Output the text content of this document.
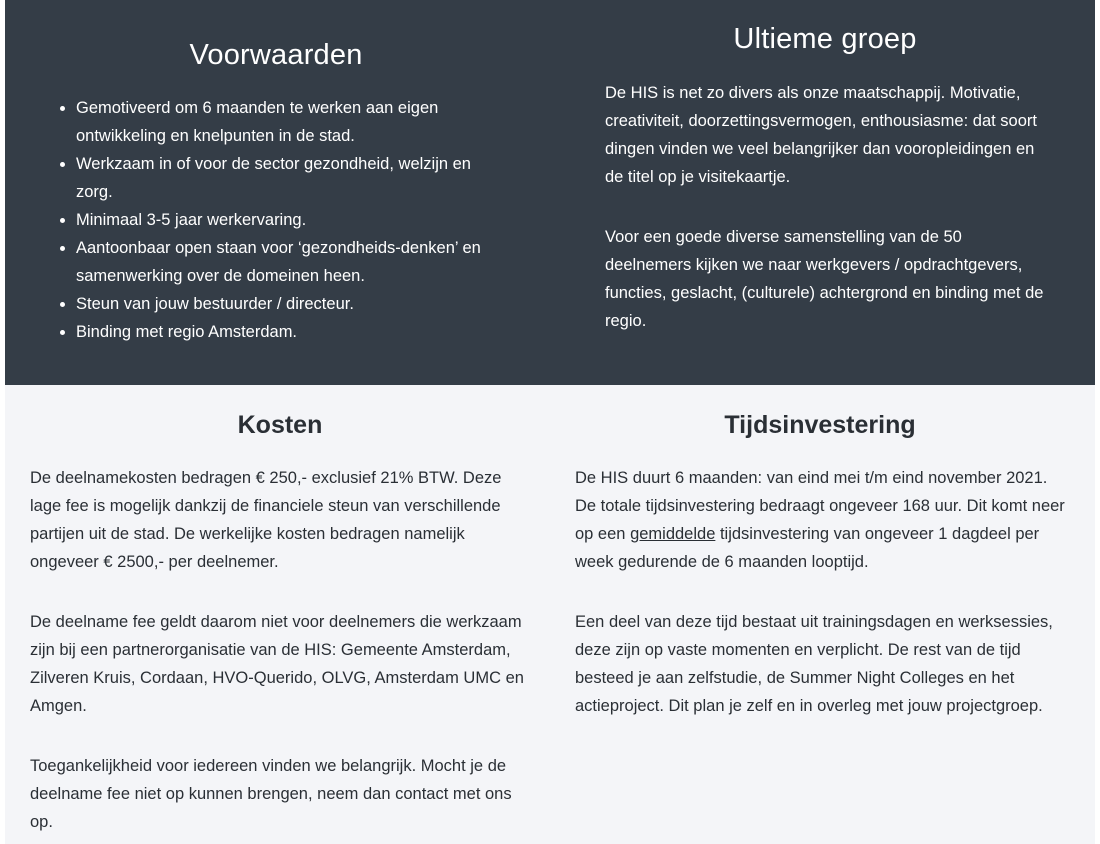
Voorwaarden
• Gemotiveerd om 6 maanden te werken aan eigen ontwikkeling en knelpunten in de stad.
• Werkzaam in of voor de sector gezondheid, welzijn en zorg.
• Minimaal 3-5 jaar werkervaring.
• Aantoonbaar open staan voor ‘gezondheids-denken’ en samenwerking over de domeinen heen.
• Steun van jouw bestuurder / directeur.
• Binding met regio Amsterdam.
Ultieme groep

De HIS is net zo divers als onze maatschappij. Motivatie, creativiteit, doorzettingsvermogen, enthousiasme: dat soort dingen vinden we veel belangrijker dan vooropleidingen en de titel op je visitekaartje.

Voor een goede diverse samenstelling van de 50 deelnemers kijken we naar werkgevers / opdrachtgevers, functies, geslacht, (culturele) achtergrond en binding met de regio.

Kosten

De deelnamekosten bedragen € 250,- exclusief 21% BTW. Deze lage fee is mogelijk dankzij de financiele steun van verschillende partijen uit de stad. De werkelijke kosten bedragen namelijk ongeveer € 2500,- per deelnemer.

De deelname fee geldt daarom niet voor deelnemers die werkzaam zijn bij een partnerorganisatie van de HIS: Gemeente Amsterdam, Zilveren Kruis, Cordaan, HVO-Querido, OLVG, Amsterdam UMC en Amgen.

Toegankelijkheid voor iedereen vinden we belangrijk. Mocht je de deelname fee niet op kunnen brengen, neem dan contact met ons op.

Tijdsinvestering

De HIS duurt 6 maanden: van eind mei t/m eind november 2021. De totale tijdsinvestering bedraagt ongeveer 168 uur. Dit komt neer op een gemiddelde tijdsinvestering van ongeveer 1 dagdeel per week gedurende de 6 maanden looptijd.

Een deel van deze tijd bestaat uit trainingsdagen en werksessies, deze zijn op vaste momenten en verplicht. De rest van de tijd besteed je aan zelfstudie, de Summer Night Colleges en het actieproject. Dit plan je zelf en in overleg met jouw projectgroep.
